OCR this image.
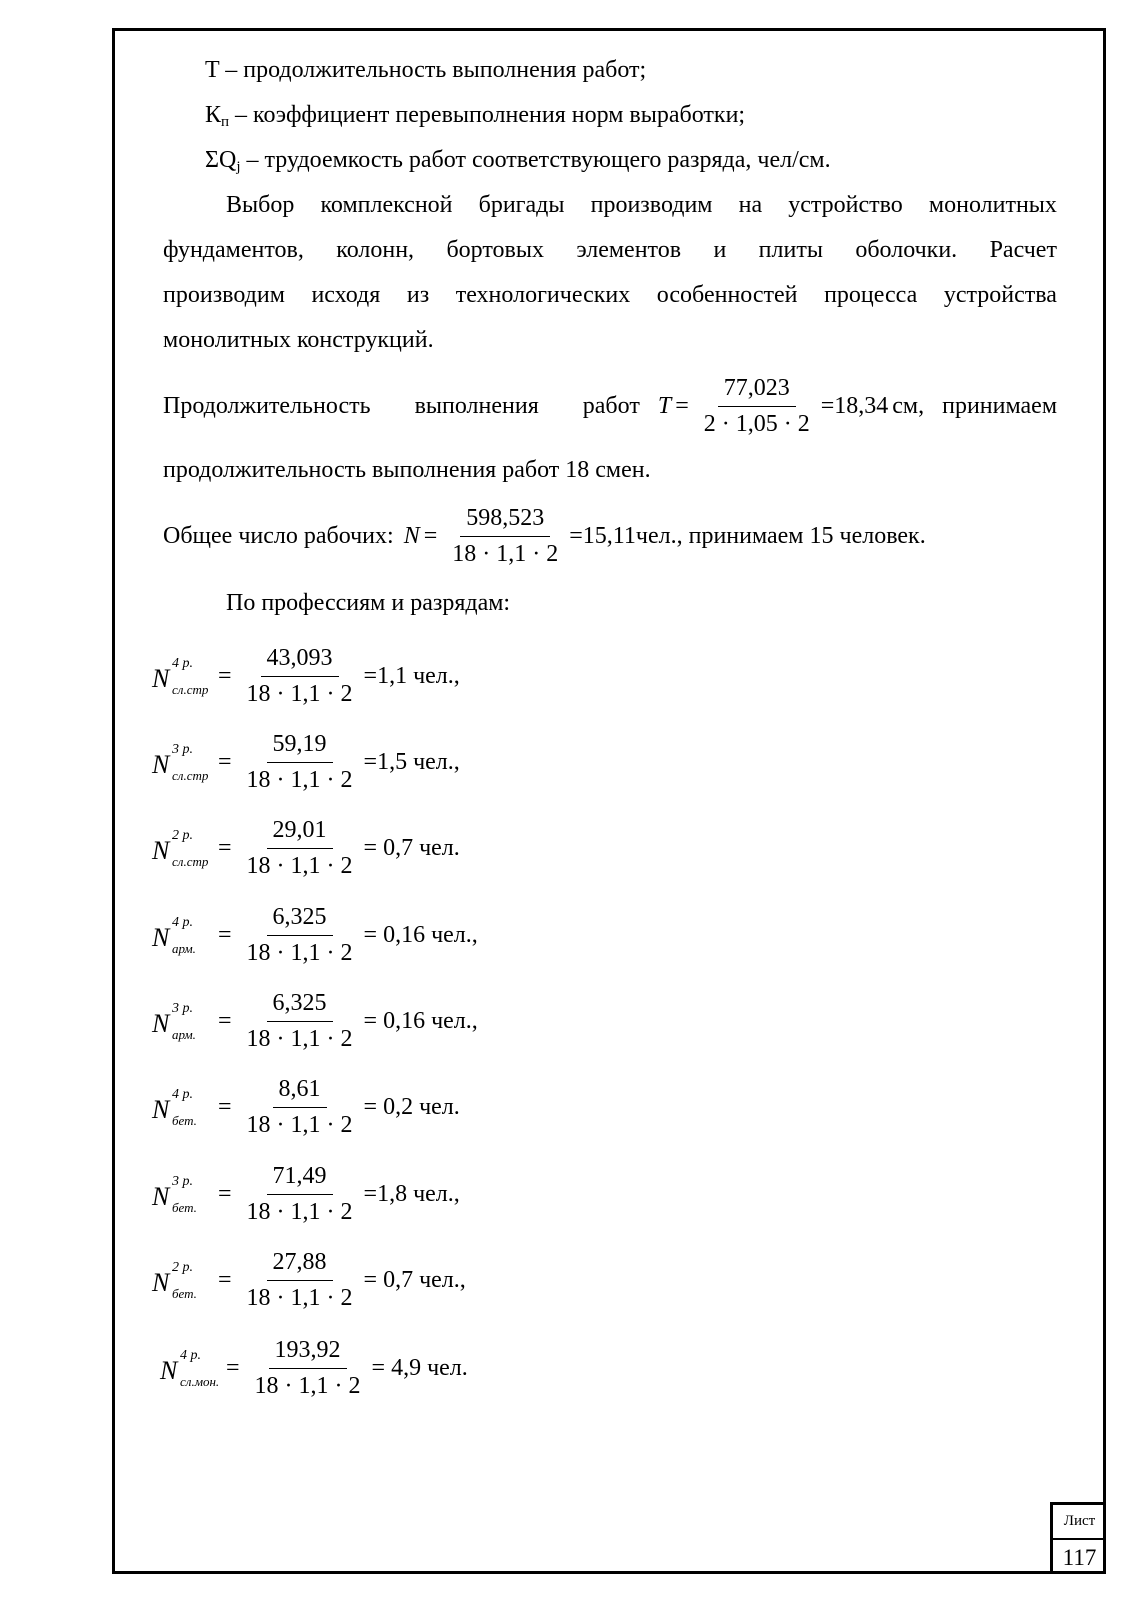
T – продолжительность выполнения работ;
$К_п$ – коэффициент перевыполнения норм выработки;
$\Sigma Q_j$ – трудоемкость работ соответствующего разряда, чел/см.
Выбор комплексной бригады производим на устройство монолитных
фундаментов, колонн, бортовых элементов и плиты оболочки. Расчет
производим исходя из технологических особенностей процесса устройства
монолитных конструкций.
Продолжительность выполнения работ $T = \frac{77,023}{2 \cdot 1,05 \cdot 2} =18,34$ см, принимаем
продолжительность выполнения работ 18 смен.
Общее число рабочих: $N = \frac{598,523}{18 \cdot 1,1 \cdot 2} =15,11$ чел., принимаем 15 человек.
По профессиям и разрядам:
N
4 р.
сл.стр
= $\frac{43,093}{18 \cdot 1,1 \cdot 2} =1,1$ чел.,
N
3 р.
сл.стр
= $\frac{59,19}{18 \cdot 1,1 \cdot 2} =1,5$ чел.,
N
2 р.
сл.стр
= $\frac{29,01}{18 \cdot 1,1 \cdot 2} = 0,7$ чел.
N
4 р.
арм.
= $\frac{6,325}{18 \cdot 1,1 \cdot 2} = 0,16$ чел.,
N
3 р.
арм.
= $\frac{6,325}{18 \cdot 1,1 \cdot 2} = 0,16$ чел.,
N
4 р.
бет.
= $\frac{8,61}{18 \cdot 1,1 \cdot 2} = 0,2$ чел.
N
3 р.
бет.
= $\frac{71,49}{18 \cdot 1,1 \cdot 2} =1,8$ чел.,
N
2 р.
бет.
= $\frac{27,88}{18 \cdot 1,1 \cdot 2} = 0,7$ чел.,
N
4 р.
сл.мон.
= $\frac{193,92}{18 \cdot 1,1 \cdot 2} = 4,9$ чел.
Лист
117
